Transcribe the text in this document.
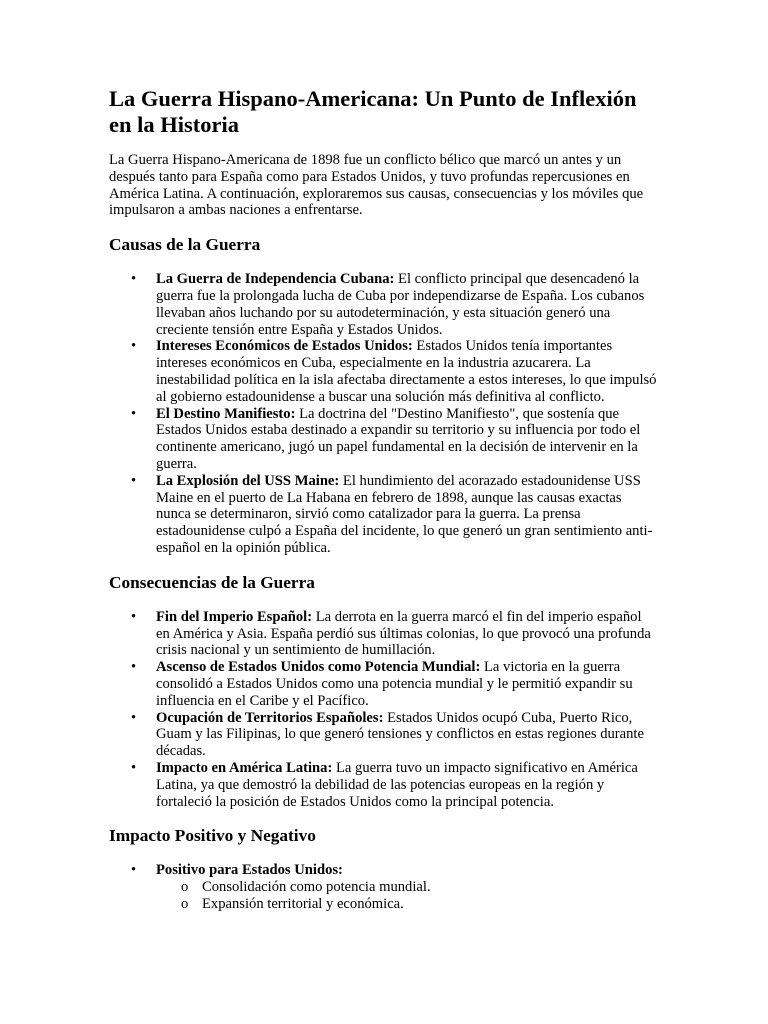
La Guerra Hispano-Americana: Un Punto de Inflexión en la Historia

La Guerra Hispano-Americana de 1898 fue un conflicto bélico que marcó un antes y un después tanto para España como para Estados Unidos, y tuvo profundas repercusiones en América Latina. A continuación, exploraremos sus causas, consecuencias y los móviles que impulsaron a ambas naciones a enfrentarse.

Causas de la Guerra
• La Guerra de Independencia Cubana: El conflicto principal que desencadenó la guerra fue la prolongada lucha de Cuba por independizarse de España. Los cubanos llevaban años luchando por su autodeterminación, y esta situación generó una creciente tensión entre España y Estados Unidos.
• Intereses Económicos de Estados Unidos: Estados Unidos tenía importantes intereses económicos en Cuba, especialmente en la industria azucarera. La inestabilidad política en la isla afectaba directamente a estos intereses, lo que impulsó al gobierno estadounidense a buscar una solución más definitiva al conflicto.
• El Destino Manifiesto: La doctrina del "Destino Manifiesto", que sostenía que Estados Unidos estaba destinado a expandir su territorio y su influencia por todo el continente americano, jugó un papel fundamental en la decisión de intervenir en la guerra.
• La Explosión del USS Maine: El hundimiento del acorazado estadounidense USS Maine en el puerto de La Habana en febrero de 1898, aunque las causas exactas nunca se determinaron, sirvió como catalizador para la guerra. La prensa estadounidense culpó a España del incidente, lo que generó un gran sentimiento anti-español en la opinión pública.
Consecuencias de la Guerra
• Fin del Imperio Español: La derrota en la guerra marcó el fin del imperio español en América y Asia. España perdió sus últimas colonias, lo que provocó una profunda crisis nacional y un sentimiento de humillación.
• Ascenso de Estados Unidos como Potencia Mundial: La victoria en la guerra consolidó a Estados Unidos como una potencia mundial y le permitió expandir su influencia en el Caribe y el Pacífico.
• Ocupación de Territorios Españoles: Estados Unidos ocupó Cuba, Puerto Rico, Guam y las Filipinas, lo que generó tensiones y conflictos en estas regiones durante décadas.
• Impacto en América Latina: La guerra tuvo un impacto significativo en América Latina, ya que demostró la debilidad de las potencias europeas en la región y fortaleció la posición de Estados Unidos como la principal potencia.
Impacto Positivo y Negativo
• Positivo para Estados Unidos:
o Consolidación como potencia mundial.
o Expansión territorial y económica.
